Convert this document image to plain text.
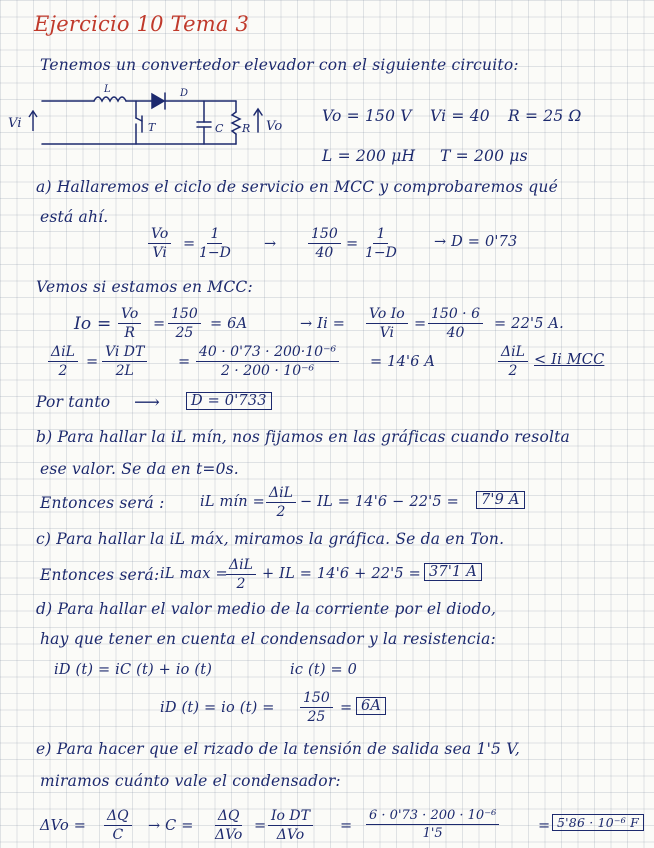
Ejercicio 10 Tema 3
Tenemos un convertedor elevador con el siguiente circuito:
Vi
L	D
T	C R Vo
Vo = 150 V Vi = 40 R = 25 Ω
L = 200 μH T = 200 μs
a) Hallaremos el ciclo de servicio en MCC y comprobaremos qué
está ahí.
$\frac{Vo}{Vi} = \frac{1}{1-D} \to \frac{150}{40} = \frac{1}{1-D} \to D = 0'73$
Vemos si estamos en MCC:
$Io = \frac{Vo}{R} = \frac{150}{25} = 6A$	→ $Ii = \frac{\text{Vo Io}}{Vi} = \frac{150 \cdot 6}{40} = 22'5$ A.
ΔiL
2
= $\frac{\text{Vi DT}}{2L} = \frac{\text{40 · 0'73 · 200·10⁻⁶}}{\text{2 · 200 · 10⁻⁶}} = 14'6$ A
ΔiL
2
< Ii MCC
Por tanto ⟶	D = 0'733
b) Para hallar la iL mín, nos fijamos en las gráficas cuando resolta
ese valor. Se da en t=0s.
Entonces será : iL mín =
ΔiL
2
− IL = 14'6 − 22'5 =	7'9 A
c) Para hallar la iL máx, miramos la gráfica. Se da en Ton.
Entonces será: iL max =
ΔiL
2
+ IL = 14'6 + 22'5 = 37'1 A
d) Para hallar el valor medio de la corriente por el diodo,
hay que tener en cuenta el condensador y la resistencia:
iD (t) = iC (t) + io (t)	ic (t) = 0
iD (t) = io $(t) = \frac{150}{25} = 6A$
e) Para hacer que el rizado de la tensión de salida sea 1'5 V,
miramos cuánto vale el condensador:
$\Delta Vo = \frac{\Delta Q}{C} \to C$ =
ΔQ
ΔVo
=
Io DT
ΔVo
= $\frac{\text{6 · 0'73 · 200 · 10⁻⁶}}{1'5}$	= 5'86 · 10⁻⁶ F
